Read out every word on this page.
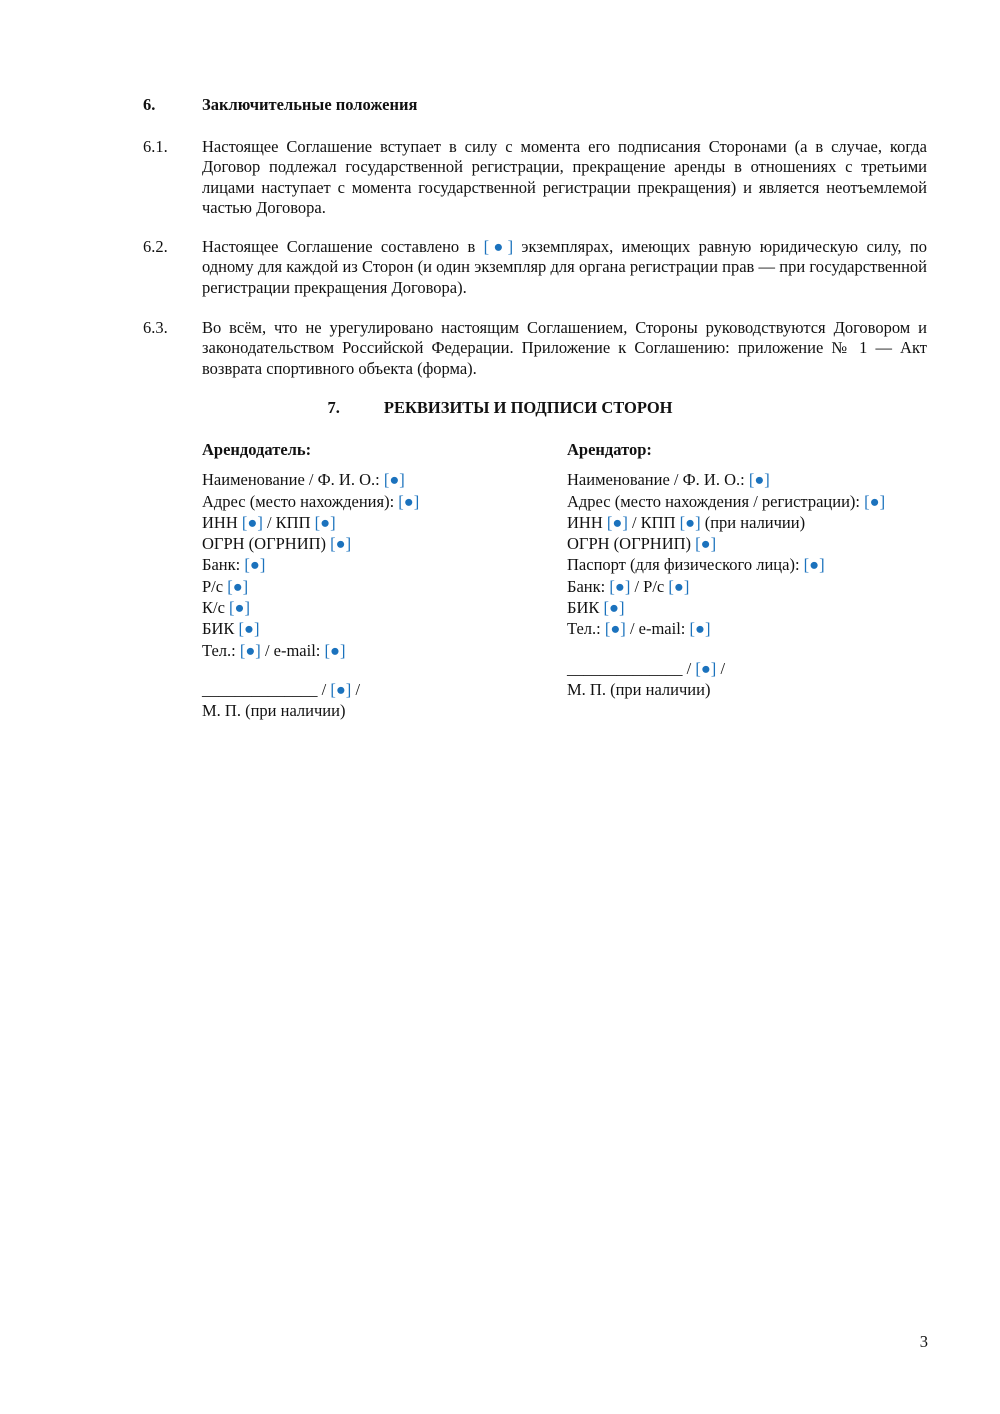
6.	Заключительные положения
6.1.	Настоящее Соглашение вступает в силу с момента его подписания Сторонами (а в случае, когда Договор подлежал государственной регистрации, прекращение аренды в отношениях с третьими лицами наступает с момента государственной регистрации прекращения) и является неотъемлемой частью Договора.
6.2.	Настоящее Соглашение составлено в [●] экземплярах, имеющих равную юридическую силу, по одному для каждой из Сторон (и один экземпляр для органа регистрации прав — при государственной регистрации прекращения Договора).
6.3.	Во всём, что не урегулировано настоящим Соглашением, Стороны руководствуются Договором и законодательством Российской Федерации. Приложение к Соглашению: приложение № 1 — Акт возврата спортивного объекта (форма).
7.	РЕКВИЗИТЫ И ПОДПИСИ СТОРОН
Арендодатель:
Наименование / Ф. И. О.: [●]
Адрес (место нахождения): [●]
ИНН [●] / КПП [●]
ОГРН (ОГРНИП) [●]
Банк: [●]
Р/с [●]
К/с [●]
БИК [●]
Тел.: [●] / e-mail: [●]
______________ / [●] /
М. П. (при наличии)
Арендатор:
Наименование / Ф. И. О.: [●]
Адрес (место нахождения / регистрации): [●]
ИНН [●] / КПП [●] (при наличии)
ОГРН (ОГРНИП) [●]
Паспорт (для физического лица): [●]
Банк: [●] / Р/с [●]
БИК [●]
Тел.: [●] / e-mail: [●]
______________ / [●] /
М. П. (при наличии)
3
